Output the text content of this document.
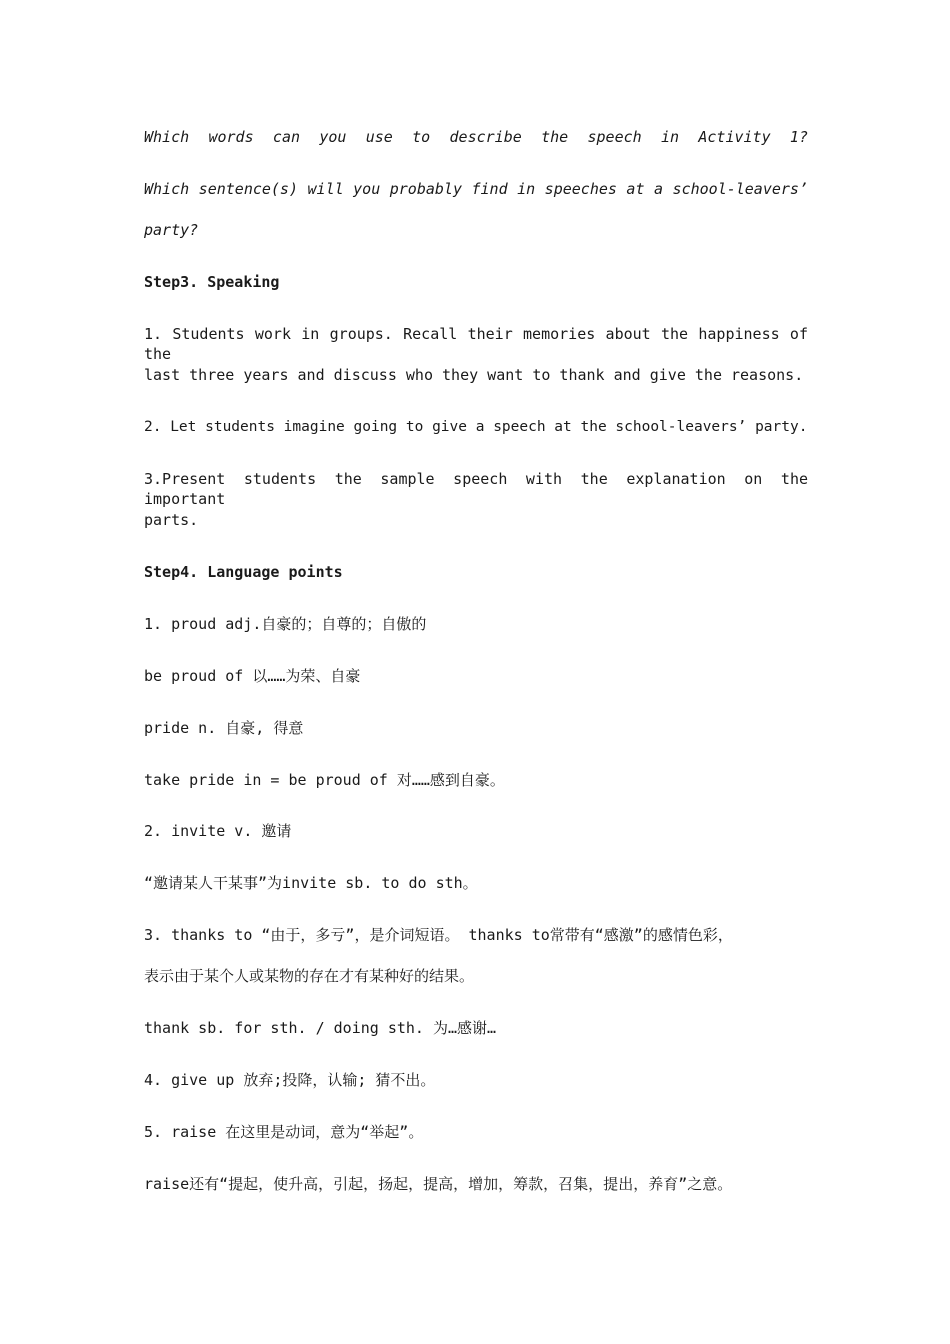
Which words can you use to describe the speech in Activity 1?
Which sentence(s) will you probably find in speeches at a school-leavers’
party?
Step3. Speaking
1. Students work in groups. Recall their memories about the happiness of the
last three years and discuss who they want to thank and give the reasons.
2. Let students imagine going to give a speech at the school-leavers’ party.
3.Present students the sample speech with the explanation on the important
parts.
Step4. Language points
1. proud adj.自豪的；自尊的；自傲的
be proud of 以……为荣、自豪
pride n. 自豪, 得意
take pride in = be proud of 对……感到自豪。
2. invite v. 邀请
“邀请某人干某事”为invite sb. to do sth。
3. thanks to “由于，多亏”，是介词短语。 thanks to常带有“感激”的感情色彩，
表示由于某个人或某物的存在才有某种好的结果。
thank sb. for sth. / doing sth. 为…感谢…
4. give up 放弃;投降，认输; 猜不出。
5. raise 在这里是动词，意为“举起”。
raise还有“提起，使升高，引起，扬起，提高，增加，筹款，召集，提出，养育”之意。
